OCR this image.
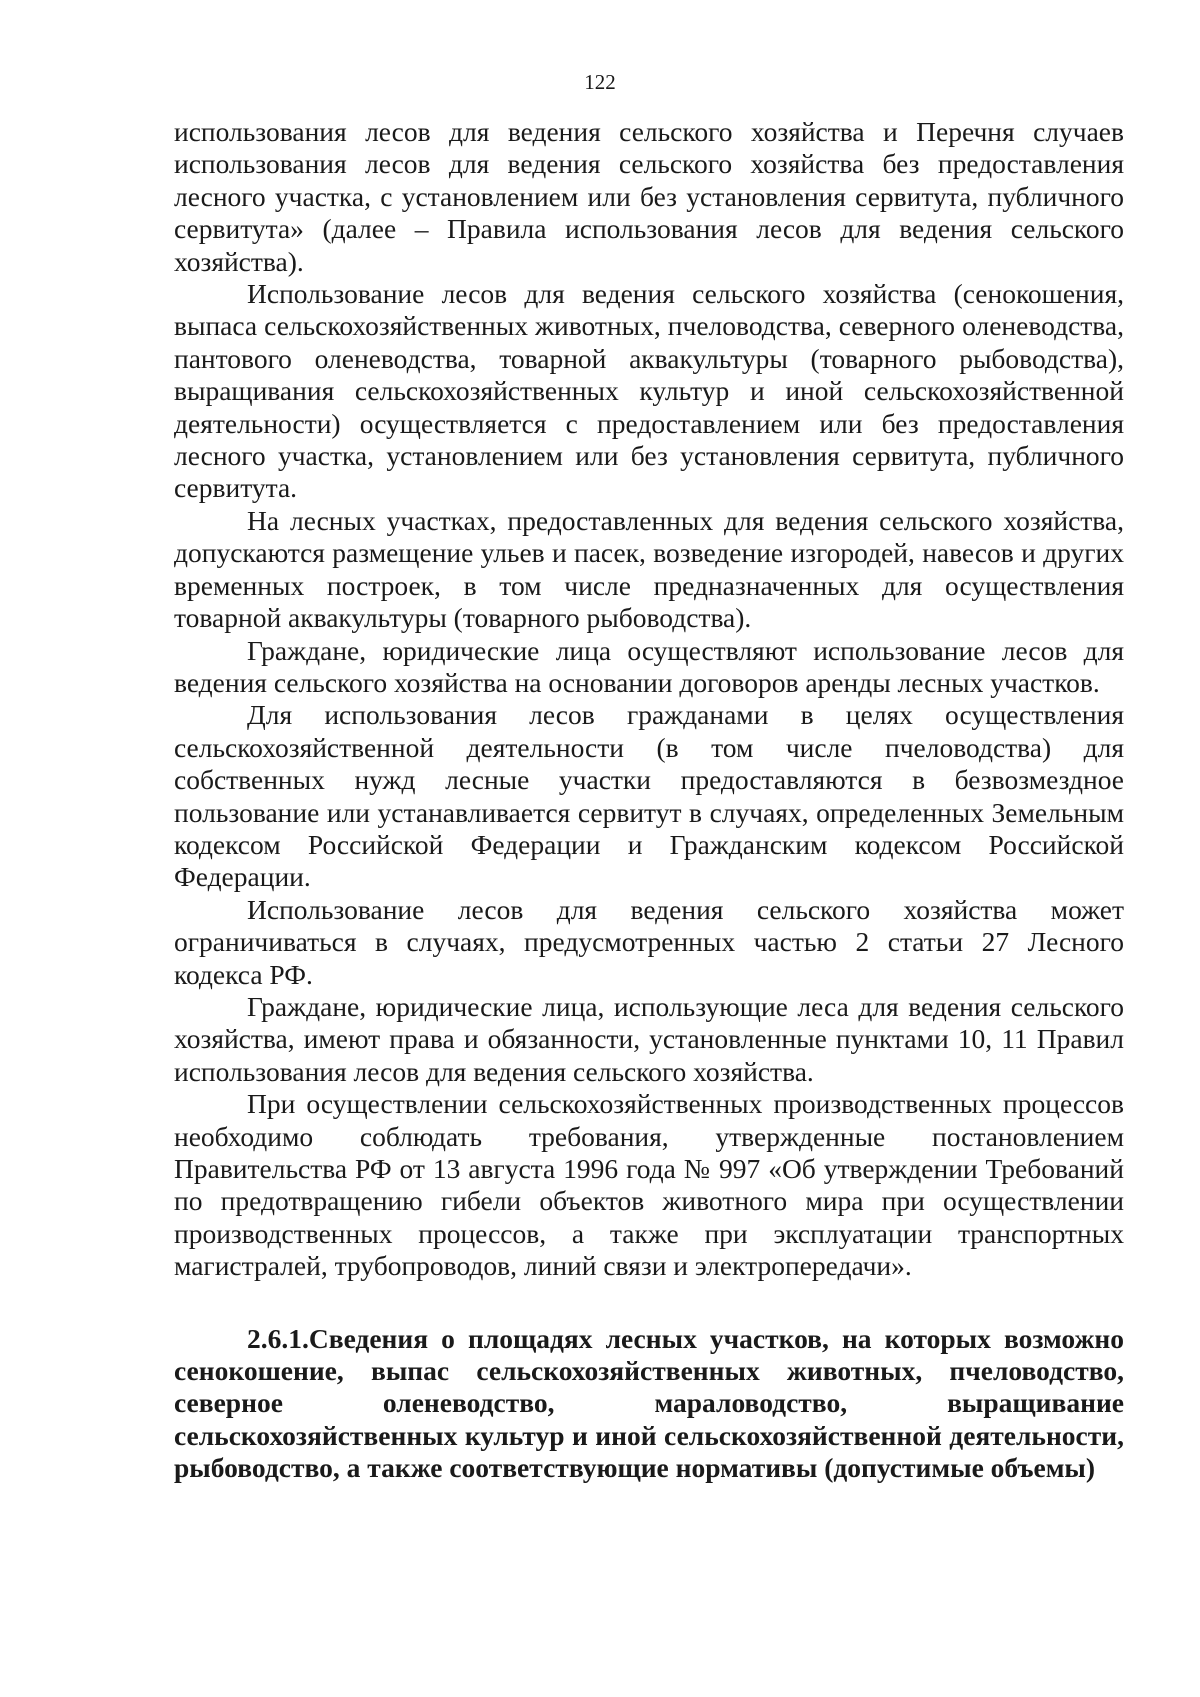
122

использования лесов для ведения сельского хозяйства и Перечня случаев использования лесов для ведения сельского хозяйства без предоставления лесного участка, с установлением или без установления сервитута, публичного сервитута» (далее – Правила использования лесов для ведения сельского хозяйства).

Использование лесов для ведения сельского хозяйства (сенокошения, выпаса сельскохозяйственных животных, пчеловодства, северного оленеводства, пантового оленеводства, товарной аквакультуры (товарного рыбоводства), выращивания сельскохозяйственных культур и иной сельскохозяйственной деятельности) осуществляется с предоставлением или без предоставления лесного участка, установлением или без установления сервитута, публичного сервитута.

На лесных участках, предоставленных для ведения сельского хозяйства, допускаются размещение ульев и пасек, возведение изгородей, навесов и других временных построек, в том числе предназначенных для осуществления товарной аквакультуры (товарного рыбоводства).

Граждане, юридические лица осуществляют использование лесов для ведения сельского хозяйства на основании договоров аренды лесных участков.

Для использования лесов гражданами в целях осуществления сельскохозяйственной деятельности (в том числе пчеловодства) для собственных нужд лесные участки предоставляются в безвозмездное пользование или устанавливается сервитут в случаях, определенных Земельным кодексом Российской Федерации и Гражданским кодексом Российской Федерации.

Использование лесов для ведения сельского хозяйства может ограничиваться в случаях, предусмотренных частью 2 статьи 27 Лесного кодекса РФ.

Граждане, юридические лица, использующие леса для ведения сельского хозяйства, имеют права и обязанности, установленные пунктами 10, 11 Правил использования лесов для ведения сельского хозяйства.

При осуществлении сельскохозяйственных производственных процессов необходимо соблюдать требования, утвержденные постановлением Правительства РФ от 13 августа 1996 года № 997 «Об утверждении Требований по предотвращению гибели объектов животного мира при осуществлении производственных процессов, а также при эксплуатации транспортных магистралей, трубопроводов, линий связи и электропередачи».

2.6.1.Сведения о площадях лесных участков, на которых возможно сенокошение, выпас сельскохозяйственных животных, пчеловодство, северное оленеводство, мараловодство, выращивание сельскохозяйственных культур и иной сельскохозяйственной деятельности, рыбоводство, а также соответствующие нормативы (допустимые объемы)
